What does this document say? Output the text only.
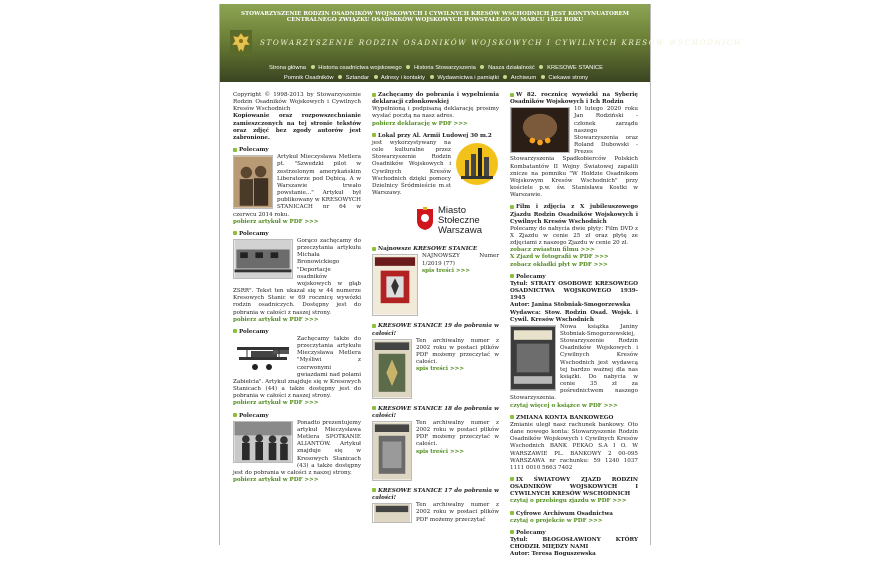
STOWARZYSZENIE RODZIN OSADNIKÓW WOJSKOWYCH I CYWILNYCH KRESÓW WSCHODNICH JEST KONTYNUATOREM
CENTRALNEGO ZWIĄZKU OSADNIKÓW WOJSKOWYCH POWSTAŁEGO W MARCU 1922 ROKU
STOWARZYSZENIE RODZIN OSADNIKÓW WOJSKOWYCH I CYWILNYCH KRESÓW WSCHODNICH
Strona główna Historia osadnictwa wojskowego Historia Stowarzyszenia Nasza działalność KRESOWE STANICE
Pomnik Osadników Sztandar Adresy i kontakty Wydawnictwa i pamiątki Archiwum Ciekawe strony
Copyright © 1998-2013 by Stowarzyszenie Rodzin Osadników Wojskowych i Cywilnych Kresów Wschodnich
Kopiowanie oraz rozpowszechnianie zamieszczonych na tej stronie tekstów oraz zdjęć bez zgody autorów jest zabronione.
Polecamy
Artykuł Mieczysława Metlera pt. "Szwedzki pilot w zestrzelonym amerykańskim Liberatorze pod Dębicą. A w Warszawie trwało powstanie..." Artykuł był publikowany w KRESOWYCH STANICACH nr 64 w czerwcu 2014 roku.
pobierz artykuł w PDF >>>
Polecamy
Gorąco zachęcamy do przeczytania artykułu Michała Bronowickiego "Deportacje osadników wojskowych w głąb ZSRR". Tekst ten ukazał się w 44 numerze Kresowych Stanic w 69 rocznicę wywózki rodzin osadniczych. Dostępny jest do pobrania w całości z naszej strony.
pobierz artykuł w PDF >>>
Polecamy
Zachęcamy także do przeczytania artykułu Mieczysława Metlera "Myśliwi z czerwonymi gwiazdami nad polami Zabiełcia". Artykuł znajduje się w Kresowych Stanicach (44) a także dostępny jest do pobrania w całości z naszej strony.
pobierz artykuł w PDF >>>
Polecamy
Ponadto prezentujemy artykuł Mieczysława Metlera SPOTKANIE ALIANTÓW. Artykuł znajduje się w Kresowych Stanicach (43) a także dostępny jest do pobrania w całości z naszej strony.
pobierz artykuł w PDF >>>
Zachęcamy do pobrania i wypełnienia deklaracji członkowskiej
Wypełnioną i podpisaną deklarację prosimy wysłać pocztą na nasz adres.
pobierz deklarację w PDF >>>
Lokal przy Al. Armii Ludowej 30 m.2
jest wykorzystywany na cele kulturalne przez Stowarzyszenie Rodzin Osadników Wojskowych i Cywilnych Kresów Wschodnich dzięki pomocy Dzielnicy Śródmieście m.st Warszawy.
Miasto
Stołeczne
Warszawa
Najnowsze KRESOWE STANICE
NAJNOWSZY Numer 1/2019 (77)
spis treści >>>
KRESOWE STANICE 19 do pobrania w całości!
Ten archiwalny numer z 2002 roku w postaci plików PDF możemy przeczytać w całości.
spis treści >>>
KRESOWE STANICE 18 do pobrania w całości!
Ten archiwalny numer z 2002 roku w postaci plików PDF możemy przeczytać w całości.
spis treści >>>
KRESOWE STANICE 17 do pobrania w całości!
Ten archiwalny numer z 2002 roku w postaci plików PDF możemy przeczytać
W 82. rocznicę wywózki na Syberię Osadników Wojskowych i Ich Rodzin
10 lutego 2020 roku Jan Rodziński - członek zarządu naszego Stowarzyszenia oraz Roland Dubowski - Prezes Stowarzyszenia Spadkobierców Polskich Kombatantów II Wojny Światowej zapalili znicze na pomniku "W Hołdzie Osadnikom Wojskowym Kresów Wschodnich" przy kościele p.w. św. Stanisława Kostki w Warszawie.
Film i zdjęcia z X jubileuszowego Zjazdu Rodzin Osadników Wojskowych i Cywilnych Kresów Wschodnich
Polecamy do nabycia dwie płyty: Film DVD z X Zjazdu w cenie 25 zł oraz płytę ze zdjęciami z naszego Zjazdu w cenie 20 zł.
zobacz zwiastun filmu >>>
X Zjazd w fotografii w PDF >>>
zobacz okładki płyt w PDF >>>
Polecamy
Tytuł: STRATY OSOBOWE KRESOWEGO OSADNICTWA WOJSKOWEGO 1939-1945
Autor: Janina Stobniak-Smogorzewska
Wydawca: Stow. Rodzin Osad. Wojsk. i Cywil. Kresów Wschodnich

Nowa książka Janiny Stobniak-Smogorzewskiej, Stowarzyszenie Rodzin Osadników Wojskowych i Cywilnych Kresów Wschodnich jest wydawcą tej bardzo ważnej dla nas książki. Do nabycia w cenie 35 zł za pośrednictwem naszego Stowarzyszenia.
czytaj więcej o książce w PDF >>>
ZMIANA KONTA BANKOWEGO
Zmianie uległ nasz rachunek bankowy. Oto dane nowego konta: Stowarzyszenie Rodzin Osadników Wojskowych i Cywilnych Kresów Wschodnich BANK PEKAO S.A I O. W WARSZAWIE PL. BANKOWY 2 00-095 WARSZAWA nr rachunku: 59 1240 1037 1111 0010 5663 7402
IX ŚWIATOWY ZJAZD RODZIN OSADNIKÓW WOJSKOWYCH I CYWILNYCH KRESÓW WSCHODNICH
czytaj o przebiegu zjazdu w PDF >>>
Cyfrowe Archiwum Osadnictwa
czytaj o projekcie w PDF >>>
Polecamy
Tytuł: BŁOGOSŁAWIONY KTÓRY CHODZIŁ MIĘDZY NAMI
Autor: Teresa Boguszewska
